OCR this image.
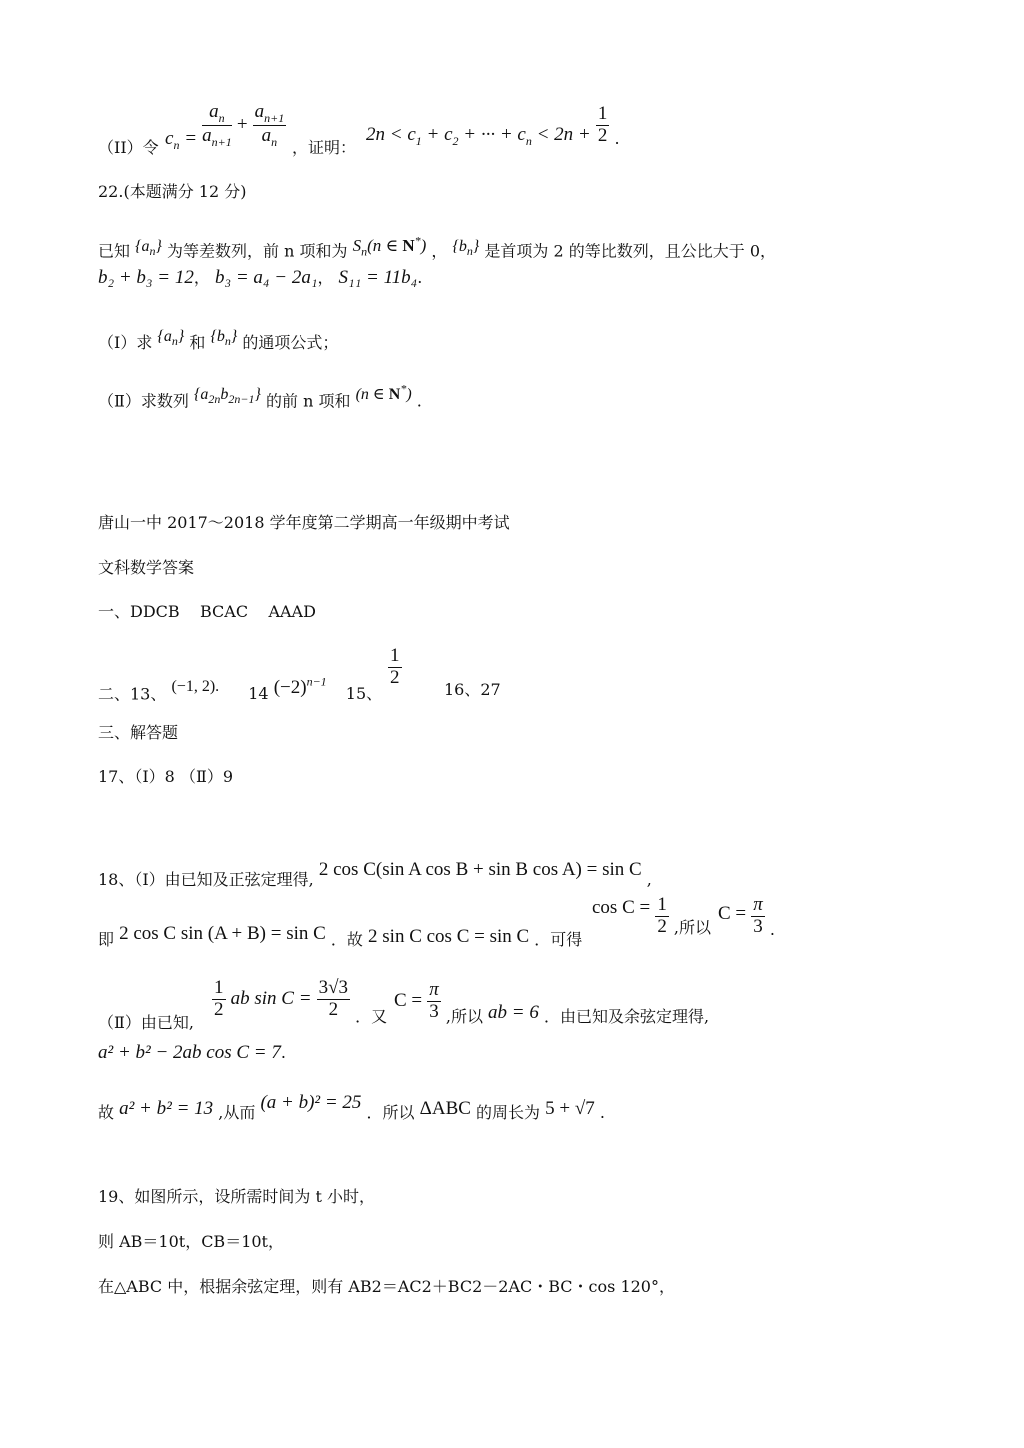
（II）令 $c_n = \frac{a_n}{a_{n+1}} + \frac{a_{n+1}}{a_n}$ ，证明：
$2n < c_1 + c_2$ + ··· + $c_n < 2n + \frac{1}{2}$ .
22.(本题满分 12 分)
已知 $\{a_n\}$ 为等差数列，前 n 项和为 $S_n(n$ ∈ N*) ， $\{b_n\}$ 是首项为 2 的等比数列，且公比大于 0，
b₂ + b₃ = 12， b₃ = a₄ − 2a₁， S₁₁ = 11b₄.
（Ⅰ）求 $\{a_n\}$ 和 $\{b_n\}$ 的通项公式；
（Ⅱ）求数列 $\{a_{2n}b_{2n-1}\}$ 的前 n 项和 (n ∈ N*) .
唐山一中 2017～2018 学年度第二学期高一年级期中考试
文科数学答案
一、DDCB    BCAC    AAAD
二、13、 (−1, 2). 14 $(-2)^{n-1}$ 15、
$\frac{1}{2}$
16、27
三、解答题
17、（Ⅰ）8 （Ⅱ）9
18、（Ⅰ）由已知及正弦定理得, 2 cos C(sin A cos B + sin B cos A) = sin C ,
即 2 cos C sin (A + B) = sin C ．故 2 sin C cos C = sin C ．可得
$\cos C = \frac{1}{2}$ ,所以
$C = \frac{\pi}{3}$ .
（Ⅱ）由已知,
$\frac{1}{2}$ ab $\sin C = \frac{3√3}{2}$ ．又
$C = \frac{\pi}{3}$ ,所以 ab = 6 ．由已知及余弦定理得,
a² + b² − 2ab cos C = 7.
故 a² + b² = 13 ,从而 (a + b)² = 25 ．所以 ΔABC 的周长为 5 + √7 .
19、如图所示，设所需时间为 t 小时，
则 AB＝10t，CB＝10t，
在△ABC 中，根据余弦定理，则有 AB2＝AC2＋BC2－2AC・BC・cos 120°，
